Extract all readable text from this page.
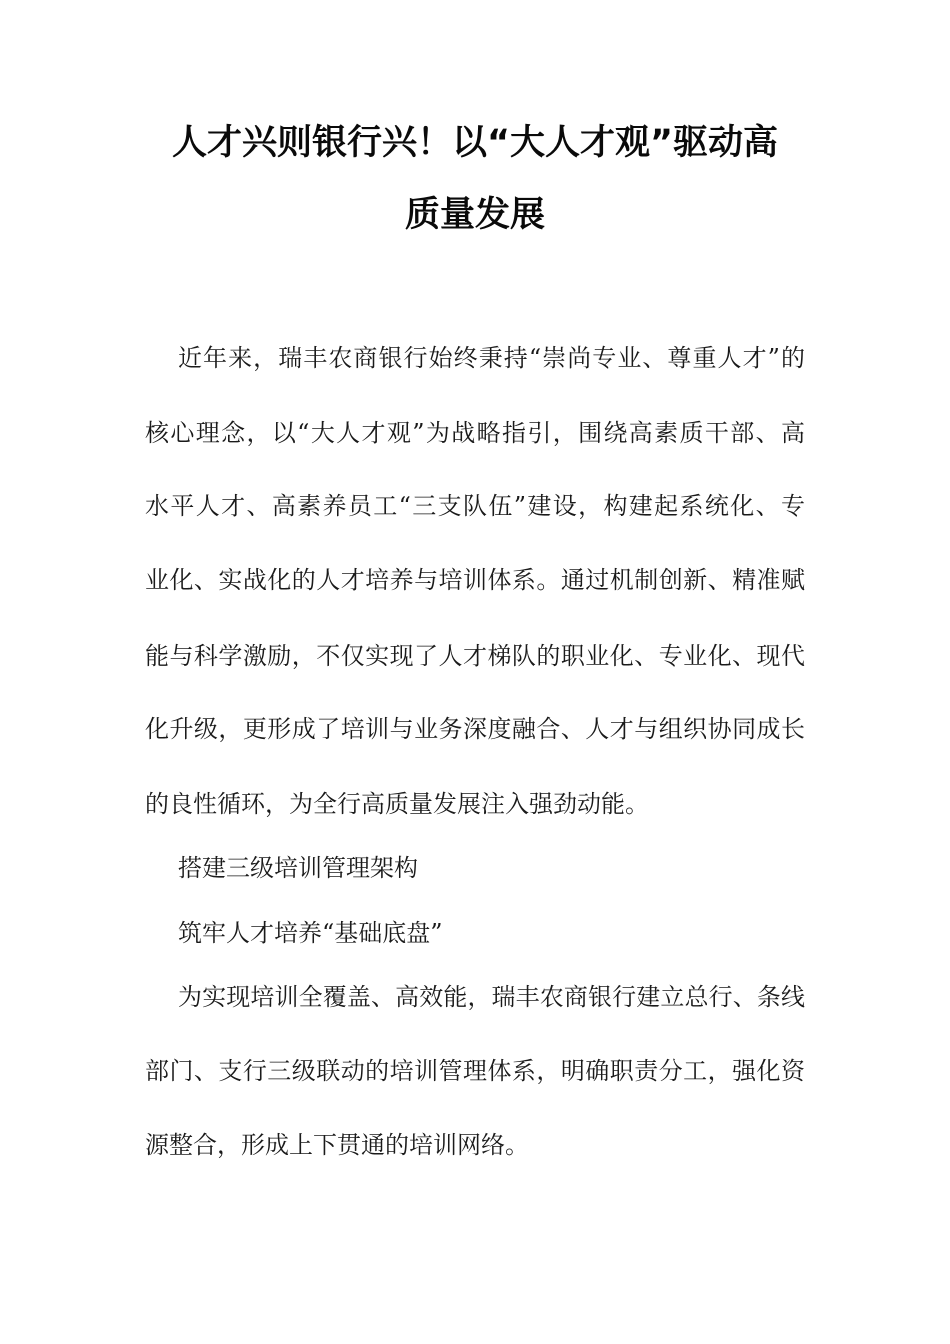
人才兴则银行兴！以“大人才观”驱动高
质量发展
近年来，瑞丰农商银行始终秉持“崇尚专业、尊重人才”的
核心理念，以“大人才观”为战略指引，围绕高素质干部、高
水平人才、高素养员工“三支队伍”建设，构建起系统化、专
业化、实战化的人才培养与培训体系。通过机制创新、精准赋
能与科学激励，不仅实现了人才梯队的职业化、专业化、现代
化升级，更形成了培训与业务深度融合、人才与组织协同成长
的良性循环，为全行高质量发展注入强劲动能。
搭建三级培训管理架构
筑牢人才培养“基础底盘”
为实现培训全覆盖、高效能，瑞丰农商银行建立总行、条线
部门、支行三级联动的培训管理体系，明确职责分工，强化资
源整合，形成上下贯通的培训网络。
